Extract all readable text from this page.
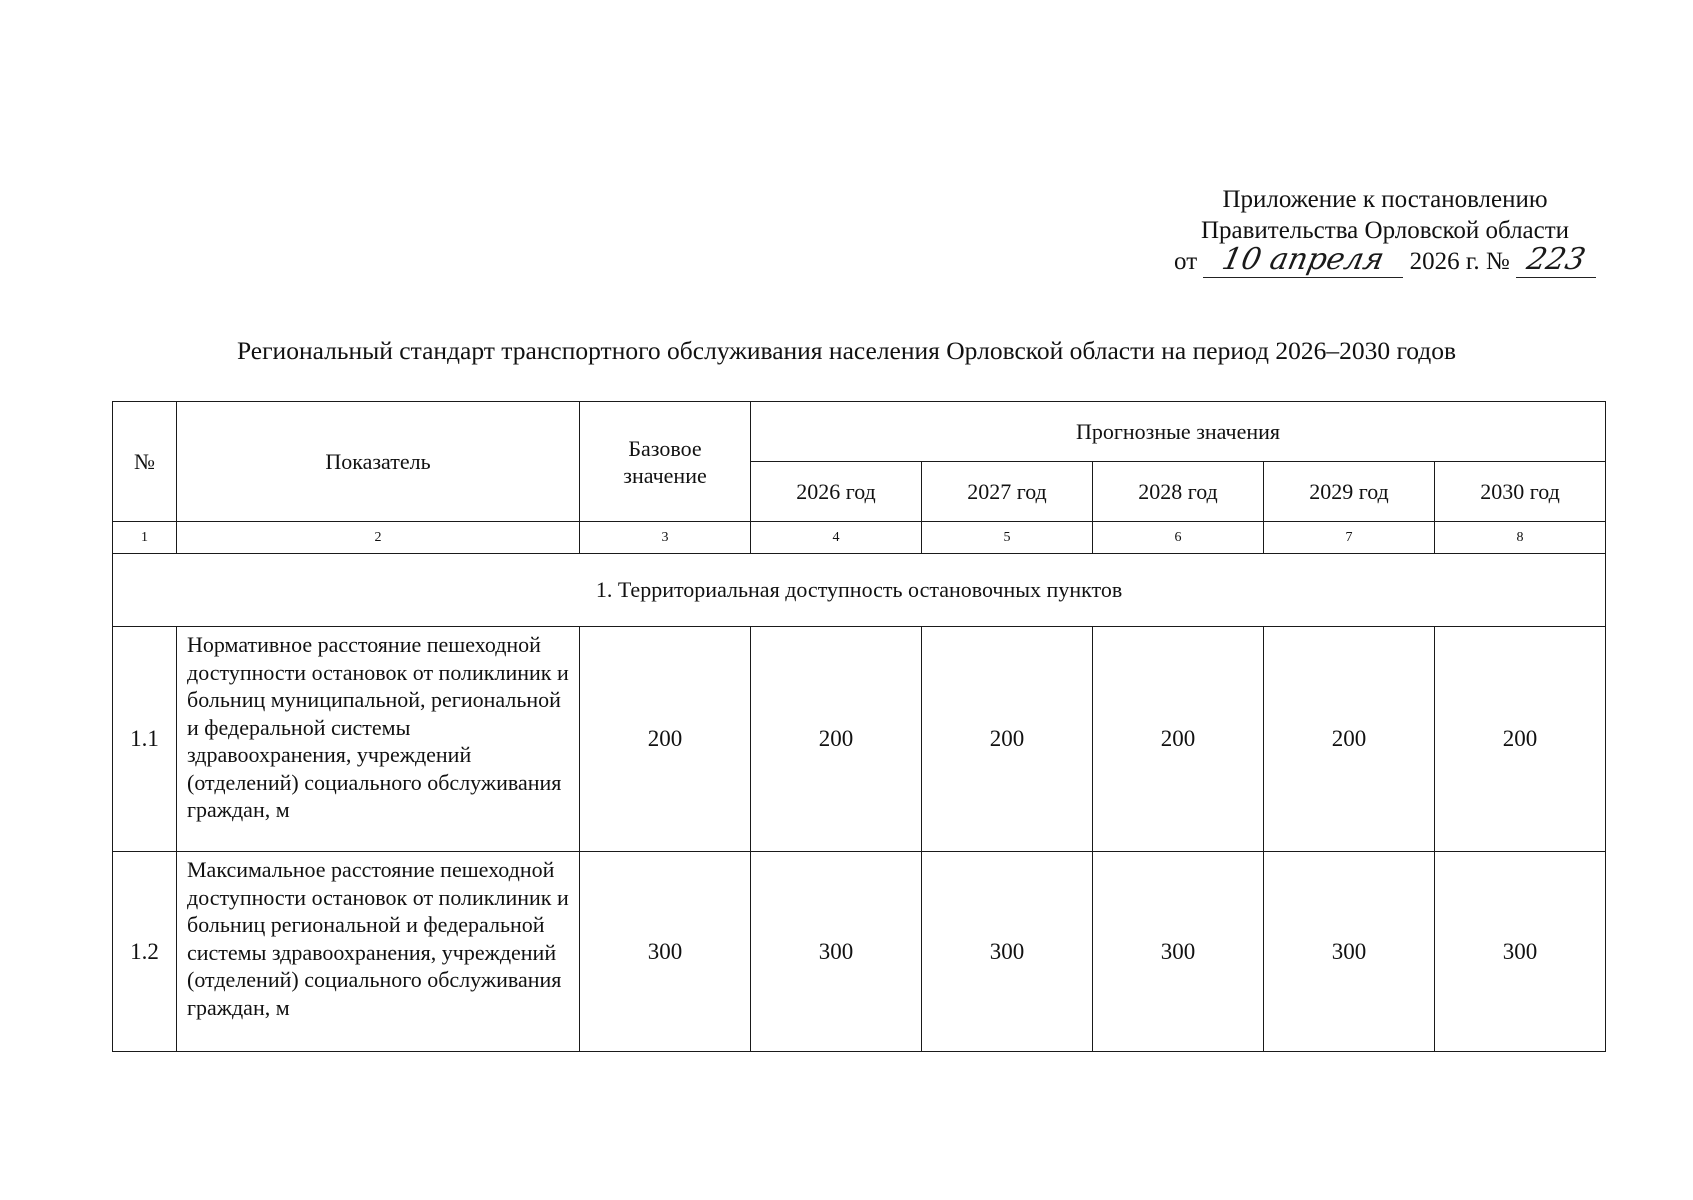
Приложение к постановлению
Правительства Орловской области
от 10 апреля 2026 г. № 223
Региональный стандарт транспортного обслуживания населения Орловской области на период 2026–2030 годов
№	Показатель	Базовое значение	Прогнозные значения				
			2026 год	2027 год	2028 год	2029 год	2030 год
1	2	3	4	5	6	7	8
1. Территориальная доступность остановочных пунктов							
1.1	Нормативное расстояние пешеходной доступности остановок от поликлиник и больниц муниципальной, региональной и федеральной системы здравоохранения, учреждений (отделений) социального обслуживания граждан, м	200	200	200	200	200	200
1.2	Максимальное расстояние пешеходной доступности остановок от поликлиник и больниц региональной и федеральной системы здравоохранения, учреждений (отделений) социального обслуживания граждан, м	300	300	300	300	300	300
